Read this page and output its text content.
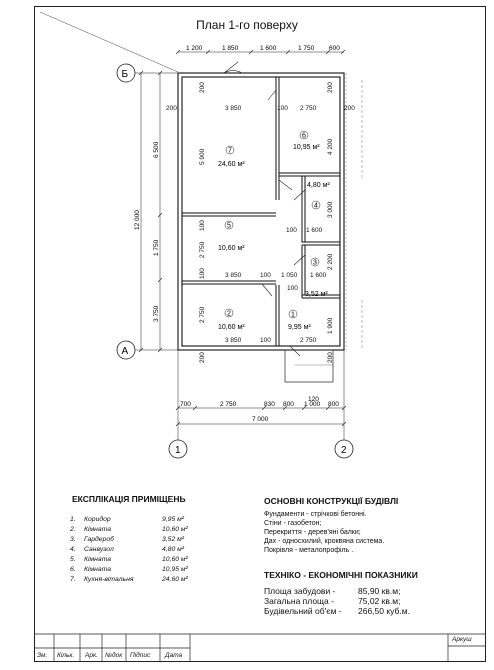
План 1-го поверху
1 200	1 850	1 600	1 750 600
Б
А
12 000
6 500
1 750
3 750
200	3 850	100 2 750	200
5 900
200	200
4 200
3 000
100 1 600
100
2 750
100	3 850	100 1 050 1 600
2 200
100
2 750
200
3 850	100	2 750
1 900
200
7
24,60 м²
6
10,95 м²
4,80 м²
4
5
10,60 м²
3
3,52 м²
2
10,60 м²
1
9,95 м²
120
700	2 750	830 800 1 000 800
7 000
1	2
ЕКСПЛІКАЦІЯ ПРИМІЩЕНЬ
1. Коридор	9,95 м²
2. Кімната	10,60 м²
3. Гардероб	3,52 м²
4. Санвузол	4,80 м²
5. Кімната	10,60 м²
6. Кімната	10,95 м²
7. Кухня-вітальня	24,60 м²
ОСНОВНІ КОНСТРУКЦІЇ БУДІВЛІ
Фундаменти - стрічкові бетонні.
Стіни - газобетон;
Перекриття - дерев'яні балки;
Дах - односхилий, кроквяна система.
Покрівля - металопрофіль .
ТЕХНІКО - ЕКОНОМІЧНІ ПОКАЗНИКИ
Площа забудови -	85,90 кв.м;
Загальна площа -	75,02 кв.м;
Будівельний об'єм - 266,50 куб.м.
Зм. Кільк. Арк. №док Підпис Дата
Аркуш
